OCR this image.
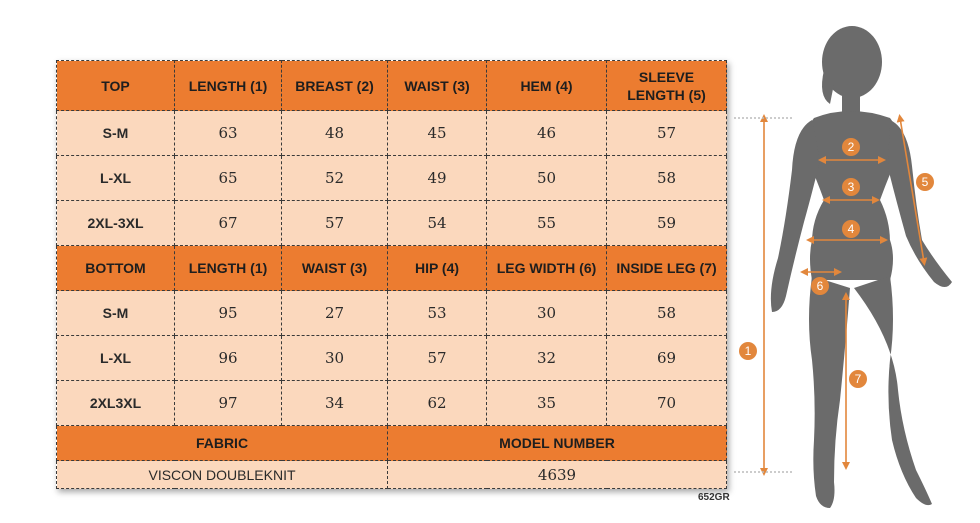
TOP	LENGTH (1)	BREAST (2)	WAIST (3)	HEM (4)	SLEEVE LENGTH (5)
S-M	63	48	45	46	57
L-XL	65	52	49	50	58
2XL-3XL	67	57	54	55	59
BOTTOM	LENGTH (1)	WAIST (3)	HIP (4)	LEG WIDTH (6)	INSIDE LEG (7)
S-M	95	27	53	30	58
L-XL	96	30	57	32	69
2XL3XL	97	34	62	35	70
FABRIC			MODEL NUMBER		
VISCON DOUBLEKNIT			4639		
652GR
1
2
3
4
5
6
7
